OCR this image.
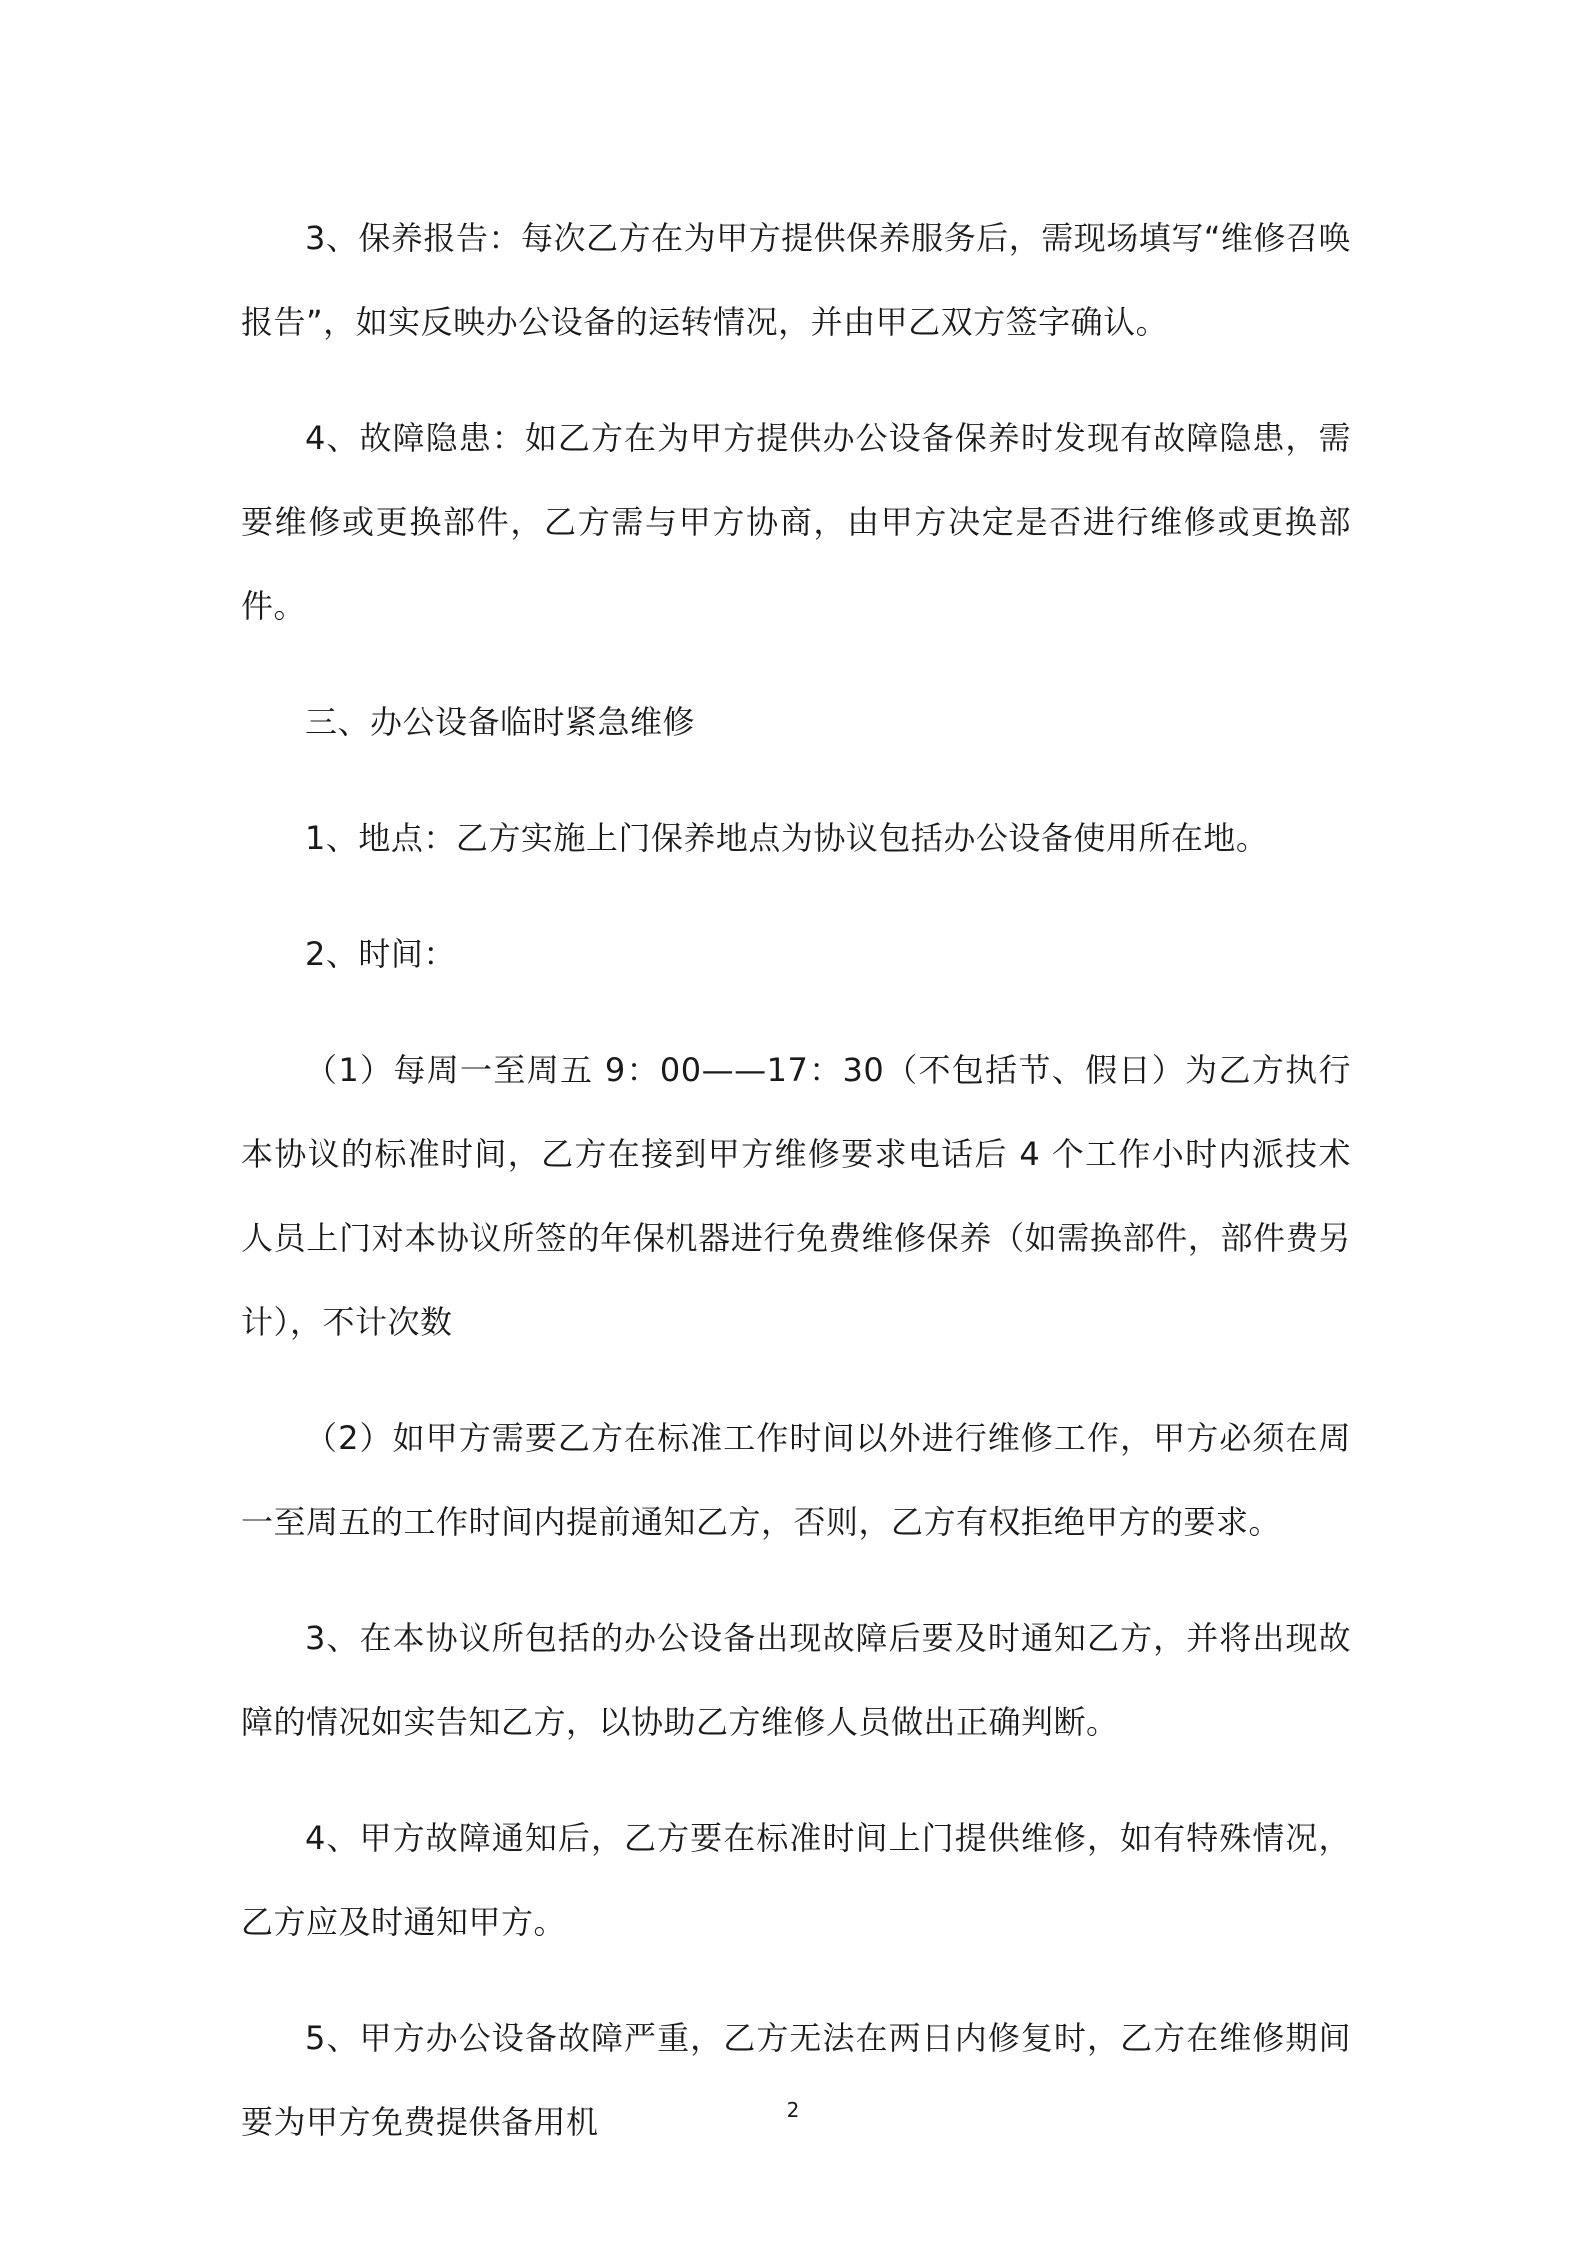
3、保养报告：每次乙方在为甲方提供保养服务后，需现场填写“维修召唤报告”，如实反映办公设备的运转情况，并由甲乙双方签字确认。

4、故障隐患：如乙方在为甲方提供办公设备保养时发现有故障隐患，需要维修或更换部件，乙方需与甲方协商，由甲方决定是否进行维修或更换部件。

三、办公设备临时紧急维修

1、地点：乙方实施上门保养地点为协议包括办公设备使用所在地。

2、时间：

（1）每周一至周五 9：00——17：30（不包括节、假日）为乙方执行本协议的标准时间，乙方在接到甲方维修要求电话后 4 个工作小时内派技术人员上门对本协议所签的年保机器进行免费维修保养（如需换部件，部件费另计），不计次数

（2）如甲方需要乙方在标准工作时间以外进行维修工作，甲方必须在周一至周五的工作时间内提前通知乙方，否则，乙方有权拒绝甲方的要求。

3、在本协议所包括的办公设备出现故障后要及时通知乙方，并将出现故障的情况如实告知乙方，以协助乙方维修人员做出正确判断。

4、甲方故障通知后，乙方要在标准时间上门提供维修，如有特殊情况，乙方应及时通知甲方。

5、甲方办公设备故障严重，乙方无法在两日内修复时，乙方在维修期间要为甲方免费提供备用机	2
